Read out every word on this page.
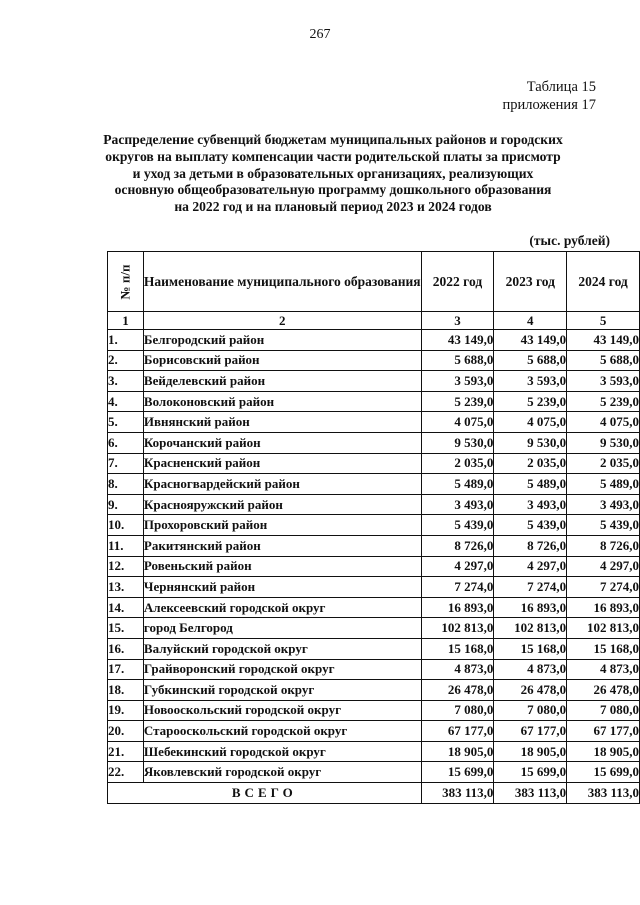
267
Таблица 15
приложения 17
Распределение субвенций бюджетам муниципальных районов и городских
округов на выплату компенсации части родительской платы за присмотр
и уход за детьми в образовательных организациях, реализующих
основную общеобразовательную программу дошкольного образования
на 2022 год и на плановый период 2023 и 2024 годов
(тыс. рублей)
№ п/п	Наименование муниципального образования	2022 год	2023 год	2024 год
1	2	3	4	5
1.	Белгородский район	43 149,0	43 149,0	43 149,0
2.	Борисовский район	5 688,0	5 688,0	5 688,0
3.	Вейделевский район	3 593,0	3 593,0	3 593,0
4.	Волоконовский район	5 239,0	5 239,0	5 239,0
5.	Ивнянский район	4 075,0	4 075,0	4 075,0
6.	Корочанский район	9 530,0	9 530,0	9 530,0
7.	Красненский район	2 035,0	2 035,0	2 035,0
8.	Красногвардейский район	5 489,0	5 489,0	5 489,0
9.	Краснояружский район	3 493,0	3 493,0	3 493,0
10.	Прохоровский район	5 439,0	5 439,0	5 439,0
11.	Ракитянский район	8 726,0	8 726,0	8 726,0
12.	Ровеньский район	4 297,0	4 297,0	4 297,0
13.	Чернянский район	7 274,0	7 274,0	7 274,0
14.	Алексеевский городской округ	16 893,0	16 893,0	16 893,0
15.	город Белгород	102 813,0	102 813,0	102 813,0
16.	Валуйский городской округ	15 168,0	15 168,0	15 168,0
17.	Грайворонский городской округ	4 873,0	4 873,0	4 873,0
18.	Губкинский городской округ	26 478,0	26 478,0	26 478,0
19.	Новооскольский городской округ	7 080,0	7 080,0	7 080,0
20.	Старооскольский городской округ	67 177,0	67 177,0	67 177,0
21.	Шебекинский городской округ	18 905,0	18 905,0	18 905,0
22.	Яковлевский городской округ	15 699,0	15 699,0	15 699,0
ВСЕГО		383 113,0	383 113,0	383 113,0
